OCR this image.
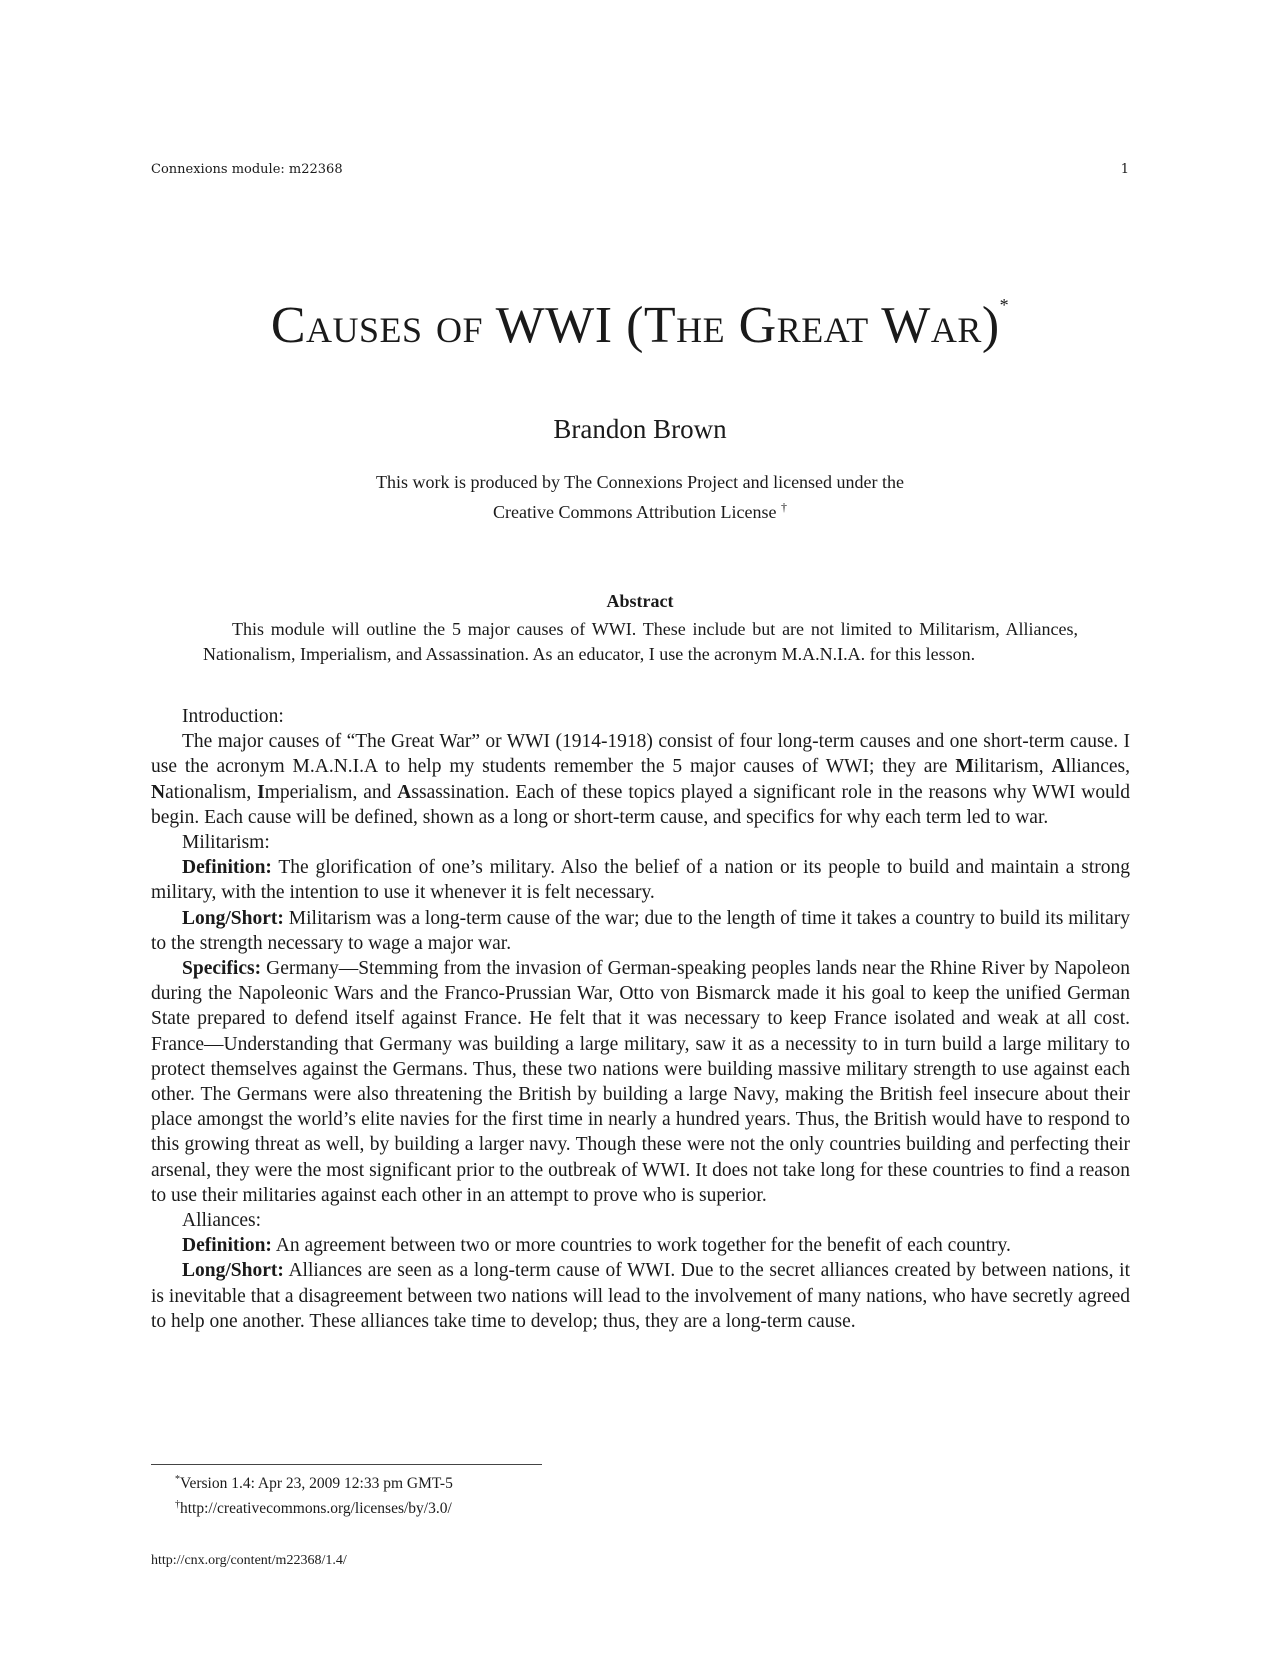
Connexions module: m22368	1
Causes of WWI (The Great War)*
Brandon Brown
This work is produced by The Connexions Project and licensed under the
Creative Commons Attribution License †
Abstract
This module will outline the 5 major causes of WWI. These include but are not limited to Militarism, Alliances, Nationalism, Imperialism, and Assassination. As an educator, I use the acronym M.A.N.I.A. for this lesson.

Introduction:

The major causes of “The Great War” or WWI (1914-1918) consist of four long-term causes and one short-term cause. I use the acronym M.A.N.I.A to help my students remember the 5 major causes of WWI; they are Militarism, Alliances, Nationalism, Imperialism, and Assassination. Each of these topics played a significant role in the reasons why WWI would begin. Each cause will be defined, shown as a long or short-term cause, and specifics for why each term led to war.

Militarism:

Definition: The glorification of one’s military. Also the belief of a nation or its people to build and maintain a strong military, with the intention to use it whenever it is felt necessary.

Long/Short: Militarism was a long-term cause of the war; due to the length of time it takes a country to build its military to the strength necessary to wage a major war.

Specifics: Germany—Stemming from the invasion of German-speaking peoples lands near the Rhine River by Napoleon during the Napoleonic Wars and the Franco-Prussian War, Otto von Bismarck made it his goal to keep the unified German State prepared to defend itself against France. He felt that it was necessary to keep France isolated and weak at all cost. France—Understanding that Germany was building a large military, saw it as a necessity to in turn build a large military to protect themselves against the Germans. Thus, these two nations were building massive military strength to use against each other. The Germans were also threatening the British by building a large Navy, making the British feel insecure about their place amongst the world’s elite navies for the first time in nearly a hundred years. Thus, the British would have to respond to this growing threat as well, by building a larger navy. Though these were not the only countries building and perfecting their arsenal, they were the most significant prior to the outbreak of WWI. It does not take long for these countries to find a reason to use their militaries against each other in an attempt to prove who is superior.

Alliances:

Definition: An agreement between two or more countries to work together for the benefit of each country.

Long/Short: Alliances are seen as a long-term cause of WWI. Due to the secret alliances created by between nations, it is inevitable that a disagreement between two nations will lead to the involvement of many nations, who have secretly agreed to help one another. These alliances take time to develop; thus, they are a long-term cause.

*Version 1.4: Apr 23, 2009 12:33 pm GMT-5
†http://creativecommons.org/licenses/by/3.0/
http://cnx.org/content/m22368/1.4/
